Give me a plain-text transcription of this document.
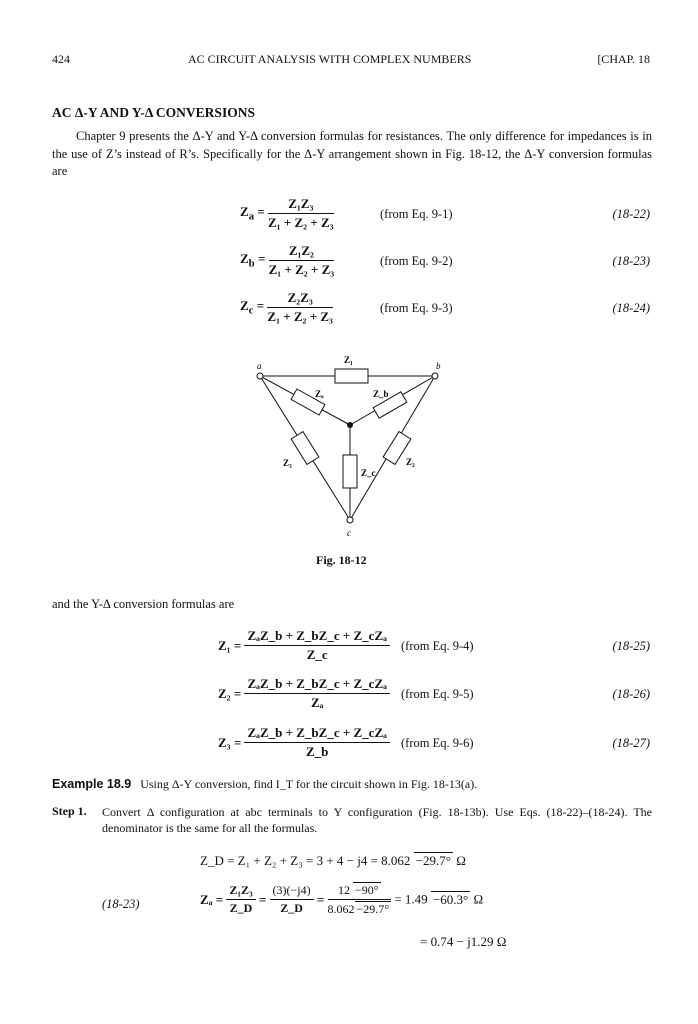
424	AC CIRCUIT ANALYSIS WITH COMPLEX NUMBERS	[CHAP. 18
AC Δ-Y AND Y-Δ CONVERSIONS

Chapter 9 presents the Δ-Y and Y-Δ conversion formulas for resistances. The only difference for impedances is in the use of Z’s instead of R’s. Specifically for the Δ-Y arrangement shown in Fig. 18-12, the Δ-Y conversion formulas are

$Z_a = \frac{\text{Z₁Z₃}}{\text{Z₁ + Z₂ + Z₃}}$	(from Eq. 9-1)	(18-22)
$Z_b = \frac{\text{Z₁Z₂}}{\text{Z₁ + Z₂ + Z₃}}$	(from Eq. 9-2)	(18-23)
$Z_c = \frac{\text{Z₂Z₃}}{\text{Z₁ + Z₂ + Z₃}}$	(from Eq. 9-3)	(18-24)
a	b
c
Z₁
Z₃	Z₂
Zₐ	Z_b
Z_c
Fig. 18-12
and the Y-Δ conversion formulas are
$Z_1 = \frac{\text{ZₐZ\_b + Z\_bZ\_c + Z\_cZₐ}}{Z\_c}$ (from Eq. 9-4)	(18-25)
$Z_2 = \frac{\text{ZₐZ\_b + Z\_bZ\_c + Z\_cZₐ}}{\text{Zₐ}}$ (from Eq. 9-5)	(18-26)
$Z_3 = \frac{\text{ZₐZ\_b + Z\_bZ\_c + Z\_cZₐ}}{Z\_b}$ (from Eq. 9-6)	(18-27)
Example 18.9 Using Δ-Y conversion, find I_T for the circuit shown in Fig. 18-13(a).
Step 1. Convert Δ configuration at abc terminals to Y configuration (Fig. 18-13b). Use Eqs. (18-22)–(18-24). The denominator is the same for all the formulas.
Z_D = Z₁ + Z₂ + Z₃ = 3 + 4 − j4 = 8.062 −29.7° Ω
(18-23)	$Z_a = \frac{\text{Z₁Z₃}}{Z\_D} = \frac{(3)(-j4)}{Z\_D} = \frac{12 -90^\circ}{8.062 -29.7^\circ} = 1.49 -60.3^\circ$ Ω
= 0.74 − j1.29 Ω
